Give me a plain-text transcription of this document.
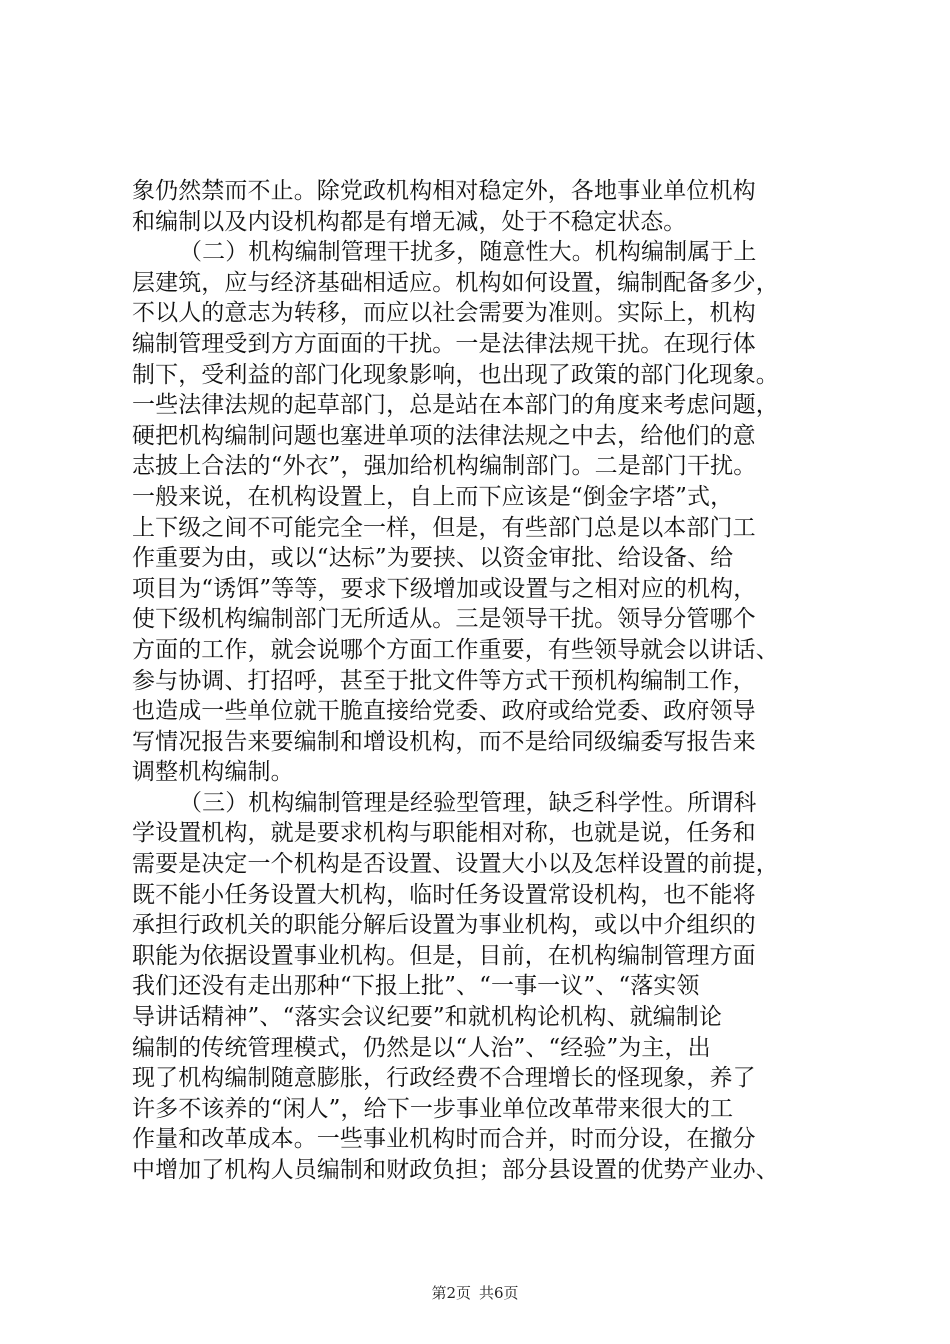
象仍然禁而不止。除党政机构相对稳定外，各地事业单位机构
和编制以及内设机构都是有增无减，处于不稳定状态。
（二）机构编制管理干扰多，随意性大。机构编制属于上
层建筑，应与经济基础相适应。机构如何设置，编制配备多少，
不以人的意志为转移，而应以社会需要为准则。实际上，机构
编制管理受到方方面面的干扰。一是法律法规干扰。在现行体
制下，受利益的部门化现象影响，也出现了政策的部门化现象。
一些法律法规的起草部门，总是站在本部门的角度来考虑问题，
硬把机构编制问题也塞进单项的法律法规之中去，给他们的意
志披上合法的“外衣”，强加给机构编制部门。二是部门干扰。
一般来说，在机构设置上，自上而下应该是“倒金字塔”式，
上下级之间不可能完全一样，但是，有些部门总是以本部门工
作重要为由，或以“达标”为要挟、以资金审批、给设备、给
项目为“诱饵”等等，要求下级增加或设置与之相对应的机构，
使下级机构编制部门无所适从。三是领导干扰。领导分管哪个
方面的工作，就会说哪个方面工作重要，有些领导就会以讲话、
参与协调、打招呼，甚至于批文件等方式干预机构编制工作，
也造成一些单位就干脆直接给党委、政府或给党委、政府领导
写情况报告来要编制和增设机构，而不是给同级编委写报告来
调整机构编制。
（三）机构编制管理是经验型管理，缺乏科学性。所谓科
学设置机构，就是要求机构与职能相对称，也就是说，任务和
需要是决定一个机构是否设置、设置大小以及怎样设置的前提，
既不能小任务设置大机构，临时任务设置常设机构，也不能将
承担行政机关的职能分解后设置为事业机构，或以中介组织的
职能为依据设置事业机构。但是，目前，在机构编制管理方面
我们还没有走出那种“下报上批”、“一事一议”、“落实领
导讲话精神”、“落实会议纪要”和就机构论机构、就编制论
编制的传统管理模式，仍然是以“人治”、“经验”为主，出
现了机构编制随意膨胀，行政经费不合理增长的怪现象，养了
许多不该养的“闲人”，给下一步事业单位改革带来很大的工
作量和改革成本。一些事业机构时而合并，时而分设，在撤分
中增加了机构人员编制和财政负担；部分县设置的优势产业办、
第2页 共6页
